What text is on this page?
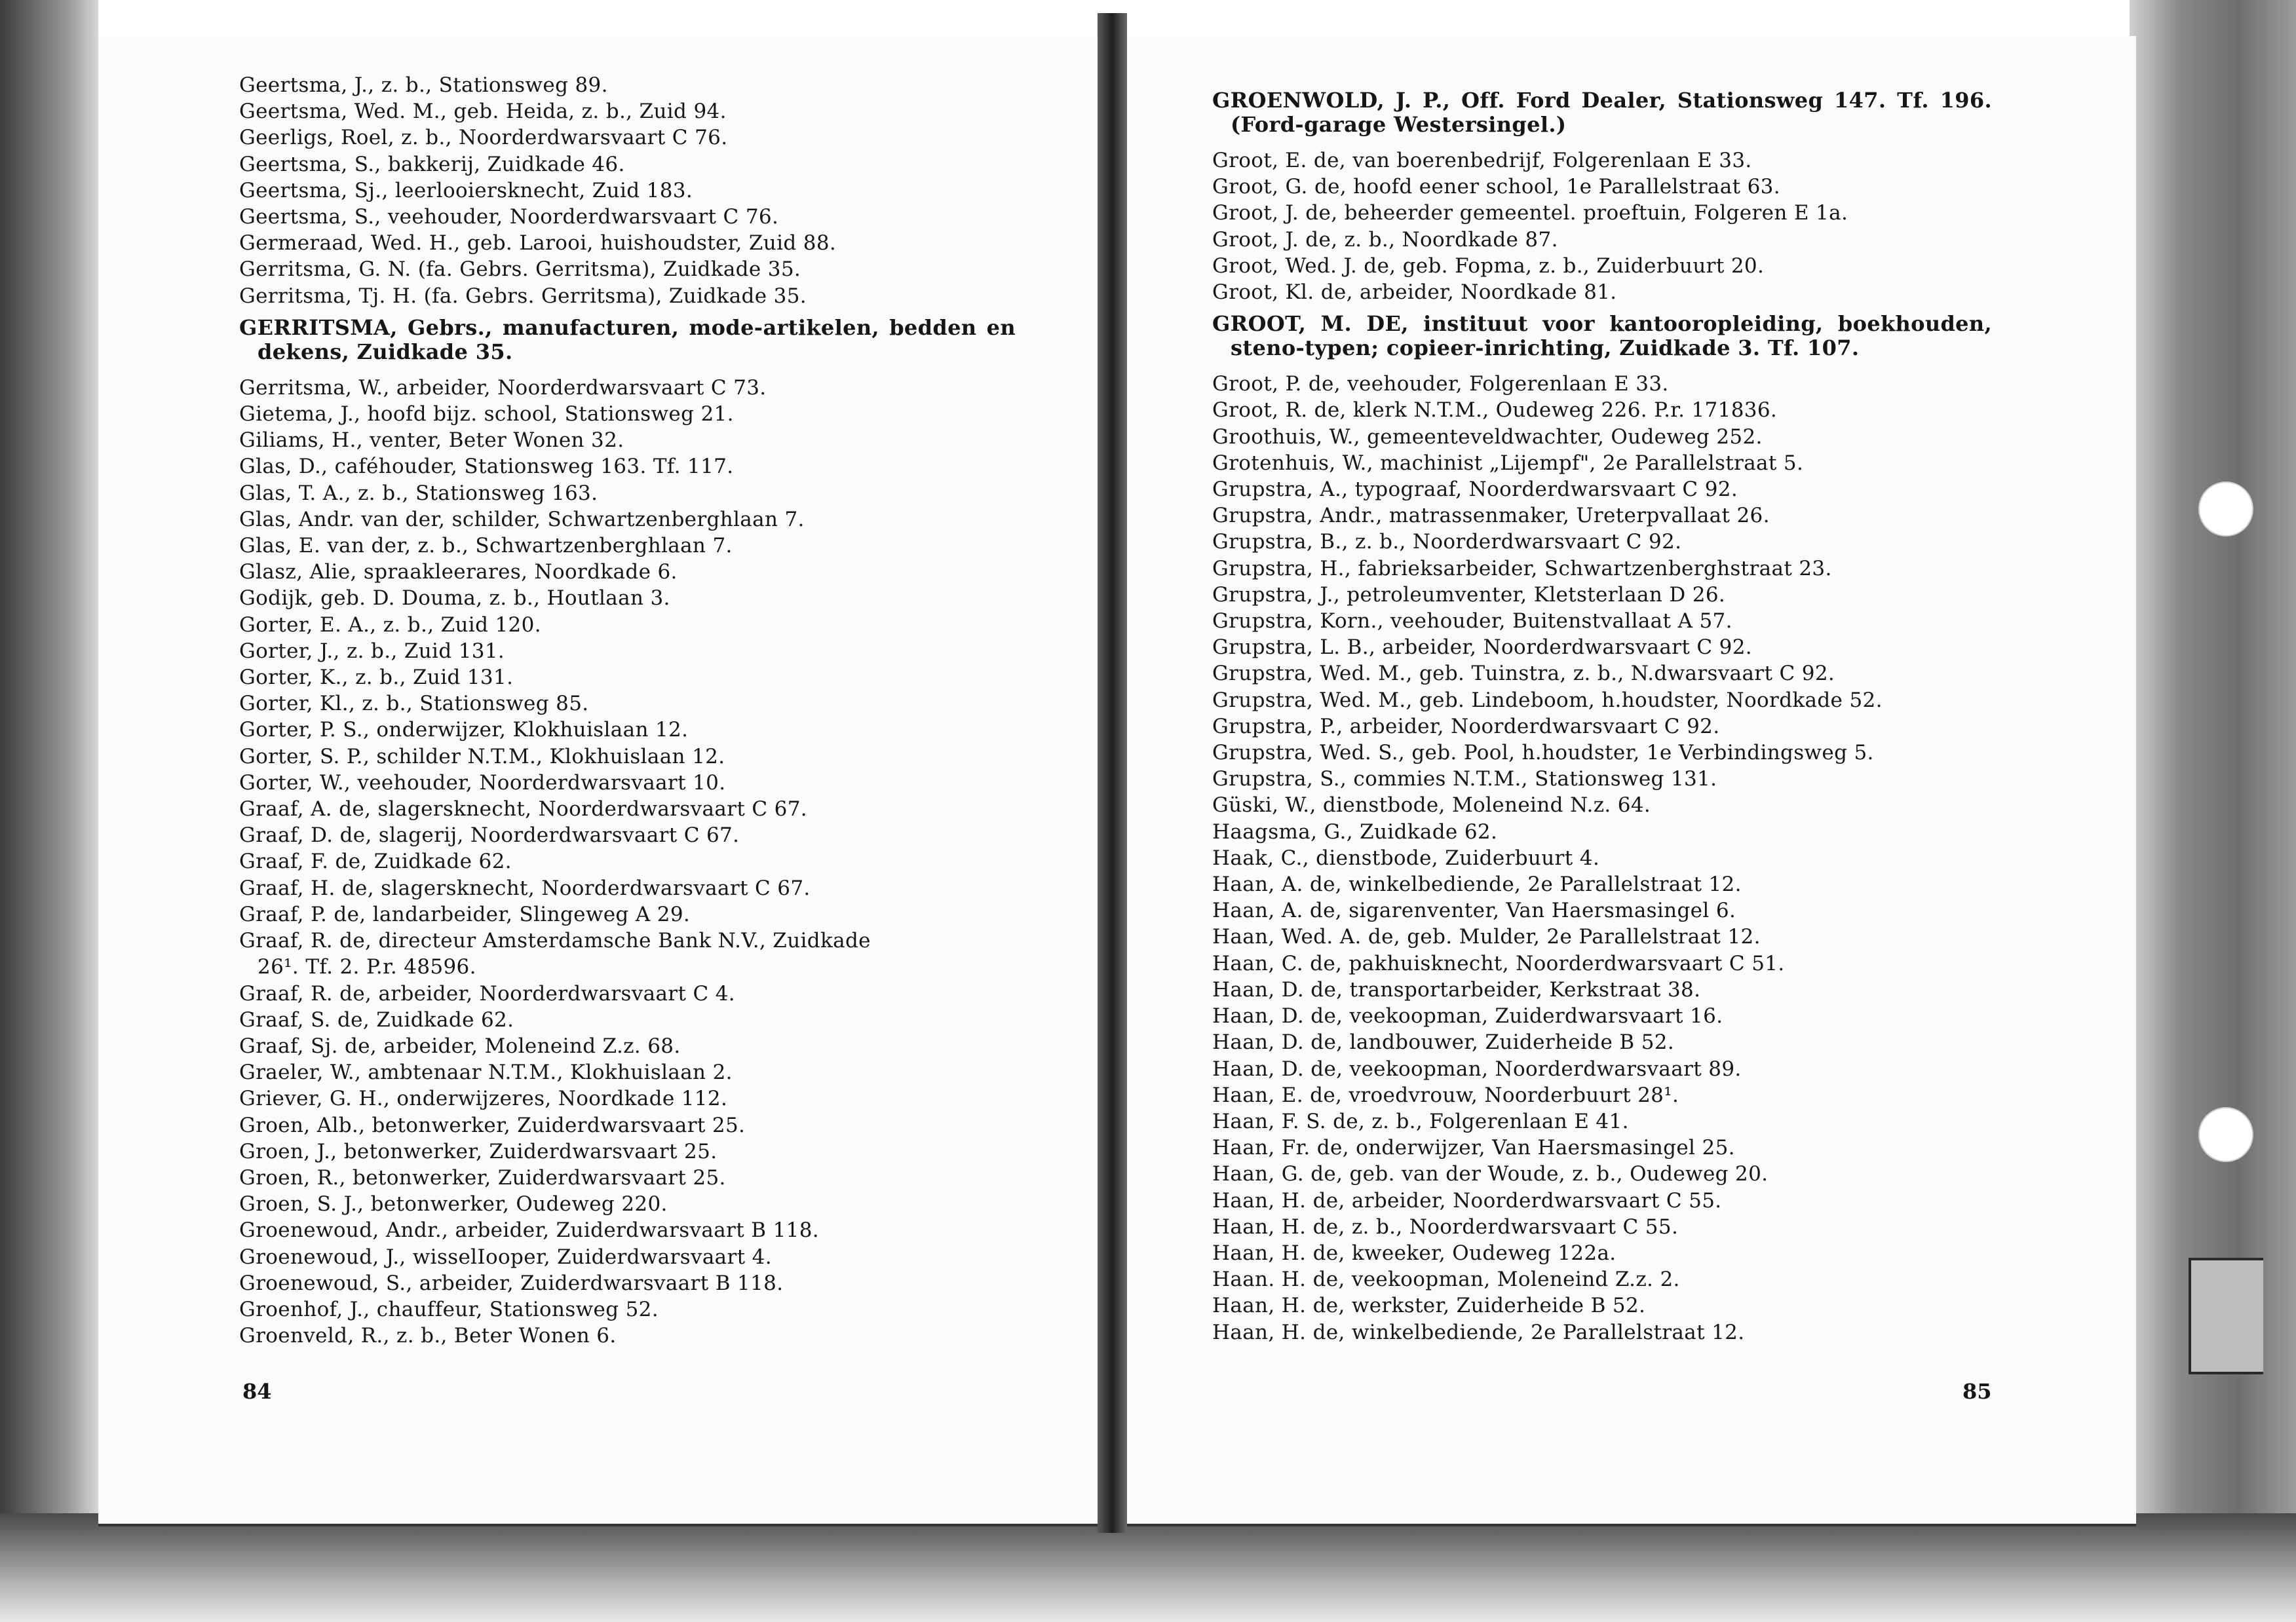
Geertsma, J., z. b., Stationsweg 89.
Geertsma, Wed. M., geb. Heida, z. b., Zuid 94.
Geerligs, Roel, z. b., Noorderdwarsvaart C 76.
Geertsma, S., bakkerij, Zuidkade 46.
Geertsma, Sj., leerlooiersknecht, Zuid 183.
Geertsma, S., veehouder, Noorderdwarsvaart C 76.
Germeraad, Wed. H., geb. Larooi, huishoudster, Zuid 88.
Gerritsma, G. N. (fa. Gebrs. Gerritsma), Zuidkade 35.
Gerritsma, Tj. H. (fa. Gebrs. Gerritsma), Zuidkade 35.
GERRITSMA, Gebrs., manufacturen, mode-artikelen, bedden en dekens, Zuidkade 35.
Gerritsma, W., arbeider, Noorderdwarsvaart C 73.
Gietema, J., hoofd bijz. school, Stationsweg 21.
Giliams, H., venter, Beter Wonen 32.
Glas, D., caféhouder, Stationsweg 163. Tf. 117.
Glas, T. A., z. b., Stationsweg 163.
Glas, Andr. van der, schilder, Schwartzenberghlaan 7.
Glas, E. van der, z. b., Schwartzenberghlaan 7.
Glasz, Alie, spraakleerares, Noordkade 6.
Godijk, geb. D. Douma, z. b., Houtlaan 3.
Gorter, E. A., z. b., Zuid 120.
Gorter, J., z. b., Zuid 131.
Gorter, K., z. b., Zuid 131.
Gorter, Kl., z. b., Stationsweg 85.
Gorter, P. S., onderwijzer, Klokhuislaan 12.
Gorter, S. P., schilder N.T.M., Klokhuislaan 12.
Gorter, W., veehouder, Noorderdwarsvaart 10.
Graaf, A. de, slagersknecht, Noorderdwarsvaart C 67.
Graaf, D. de, slagerij, Noorderdwarsvaart C 67.
Graaf, F. de, Zuidkade 62.
Graaf, H. de, slagersknecht, Noorderdwarsvaart C 67.
Graaf, P. de, landarbeider, Slingeweg A 29.
Graaf, R. de, directeur Amsterdamsche Bank N.V., Zuidkade
26¹. Tf. 2. P.r. 48596.
Graaf, R. de, arbeider, Noorderdwarsvaart C 4.
Graaf, S. de, Zuidkade 62.
Graaf, Sj. de, arbeider, Moleneind Z.z. 68.
Graeler, W., ambtenaar N.T.M., Klokhuislaan 2.
Griever, G. H., onderwijzeres, Noordkade 112.
Groen, Alb., betonwerker, Zuiderdwarsvaart 25.
Groen, J., betonwerker, Zuiderdwarsvaart 25.
Groen, R., betonwerker, Zuiderdwarsvaart 25.
Groen, S. J., betonwerker, Oudeweg 220.
Groenewoud, Andr., arbeider, Zuiderdwarsvaart B 118.
Groenewoud, J., wisselIooper, Zuiderdwarsvaart 4.
Groenewoud, S., arbeider, Zuiderdwarsvaart B 118.
Groenhof, J., chauffeur, Stationsweg 52.
Groenveld, R., z. b., Beter Wonen 6.
GROENWOLD, J. P., Off. Ford Dealer, Stationsweg 147. Tf. 196. (Ford-garage Westersingel.)
Groot, E. de, van boerenbedrijf, Folgerenlaan E 33.
Groot, G. de, hoofd eener school, 1e Parallelstraat 63.
Groot, J. de, beheerder gemeentel. proeftuin, Folgeren E 1a.
Groot, J. de, z. b., Noordkade 87.
Groot, Wed. J. de, geb. Fopma, z. b., Zuiderbuurt 20.
Groot, Kl. de, arbeider, Noordkade 81.
GROOT, M. DE, instituut voor kantooropleiding, boekhouden, steno-typen; copieer-inrichting, Zuidkade 3. Tf. 107.
Groot, P. de, veehouder, Folgerenlaan E 33.
Groot, R. de, klerk N.T.M., Oudeweg 226. P.r. 171836.
Groothuis, W., gemeenteveldwachter, Oudeweg 252.
Grotenhuis, W., machinist „Lijempf", 2e Parallelstraat 5.
Grupstra, A., typograaf, Noorderdwarsvaart C 92.
Grupstra, Andr., matrassenmaker, Ureterpvallaat 26.
Grupstra, B., z. b., Noorderdwarsvaart C 92.
Grupstra, H., fabrieksarbeider, Schwartzenberghstraat 23.
Grupstra, J., petroleumventer, Kletsterlaan D 26.
Grupstra, Korn., veehouder, Buitenstvallaat A 57.
Grupstra, L. B., arbeider, Noorderdwarsvaart C 92.
Grupstra, Wed. M., geb. Tuinstra, z. b., N.dwarsvaart C 92.
Grupstra, Wed. M., geb. Lindeboom, h.houdster, Noordkade 52.
Grupstra, P., arbeider, Noorderdwarsvaart C 92.
Grupstra, Wed. S., geb. Pool, h.houdster, 1e Verbindingsweg 5.
Grupstra, S., commies N.T.M., Stationsweg 131.
Güski, W., dienstbode, Moleneind N.z. 64.
Haagsma, G., Zuidkade 62.
Haak, C., dienstbode, Zuiderbuurt 4.
Haan, A. de, winkelbediende, 2e Parallelstraat 12.
Haan, A. de, sigarenventer, Van Haersmasingel 6.
Haan, Wed. A. de, geb. Mulder, 2e Parallelstraat 12.
Haan, C. de, pakhuisknecht, Noorderdwarsvaart C 51.
Haan, D. de, transportarbeider, Kerkstraat 38.
Haan, D. de, veekoopman, Zuiderdwarsvaart 16.
Haan, D. de, landbouwer, Zuiderheide B 52.
Haan, D. de, veekoopman, Noorderdwarsvaart 89.
Haan, E. de, vroedvrouw, Noorderbuurt 28¹.
Haan, F. S. de, z. b., Folgerenlaan E 41.
Haan, Fr. de, onderwijzer, Van Haersmasingel 25.
Haan, G. de, geb. van der Woude, z. b., Oudeweg 20.
Haan, H. de, arbeider, Noorderdwarsvaart C 55.
Haan, H. de, z. b., Noorderdwarsvaart C 55.
Haan, H. de, kweeker, Oudeweg 122a.
Haan. H. de, veekoopman, Moleneind Z.z. 2.
Haan, H. de, werkster, Zuiderheide B 52.
Haan, H. de, winkelbediende, 2e Parallelstraat 12.
84	85
